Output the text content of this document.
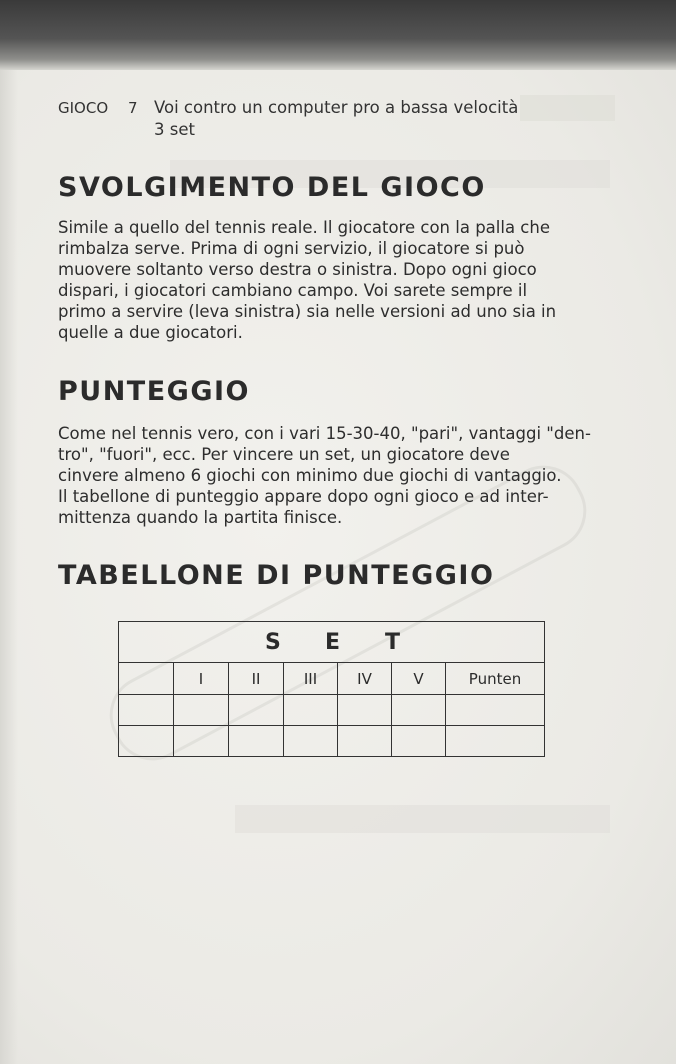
GIOCO	7 Voi contro un computer pro a bassa velocità
3 set
SVOLGIMENTO DEL GIOCO
Simile a quello del tennis reale. Il giocatore con la palla che
rimbalza serve. Prima di ogni servizio, il giocatore si può
muovere soltanto verso destra o sinistra. Dopo ogni gioco
dispari, i giocatori cambiano campo. Voi sarete sempre il
primo a servire (leva sinistra) sia nelle versioni ad uno sia in
quelle a due giocatori.
PUNTEGGIO
Come nel tennis vero, con i vari 15-30-40, "pari", vantaggi "den-
tro", "fuori", ecc. Per vincere un set, un giocatore deve
cinvere almeno 6 giochi con minimo due giochi di vantaggio.
Il tabellone di punteggio appare dopo ogni gioco e ad inter-
mittenza quando la partita finisce.
TABELLONE DI PUNTEGGIO
S E T						

	I	II	III	IV	V	Punten
